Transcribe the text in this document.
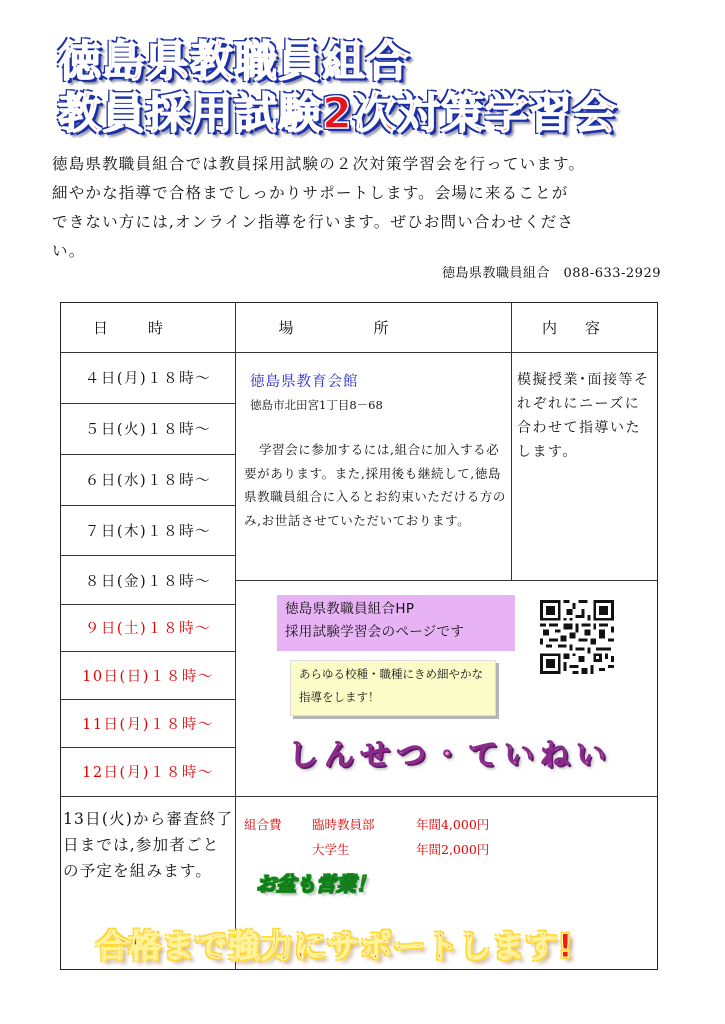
徳島県教職員組合
教員採用試験2次対策学習会

徳島県教職員組合では教員採用試験の２次対策学習会を行っています。

細やかな指導で合格までしっかりサポートします。会場に来ることが

できない方には,オンライン指導を行います。ぜひお問い合わせくださ

い。

徳島県教職員組合　088-633-2929
日時	場所	内容
４日(月)１８時～
５日(火)１８時～
６日(水)１８時～
７日(木)１８時～
８日(金)１８時～
９日(土)１８時～
10日(日)１８時～
11日(月)１８時～
12日(月)１８時～
徳島県教育会館
徳島市北田宮1丁目8－68
学習会に参加するには,組合に加入する必要があります。また,採用後も継続して,徳島県教職員組合に入るとお約束いただける方のみ,お世話させていただいております。
模擬授業･面接等それぞれにニーズに合わせて指導いたします。
徳島県教職員組合HP
採用試験学習会のページです
あらゆる校種・職種にきめ細やかな
指導をします！
しんせつ・ていねい
13日(火)から審査終了日までは,参加者ごとの予定を組みます。
組合費	臨時教員部	年間4,000円
大学生	年間2,000円
お盆も営業！
合格まで強力にサポートします!
